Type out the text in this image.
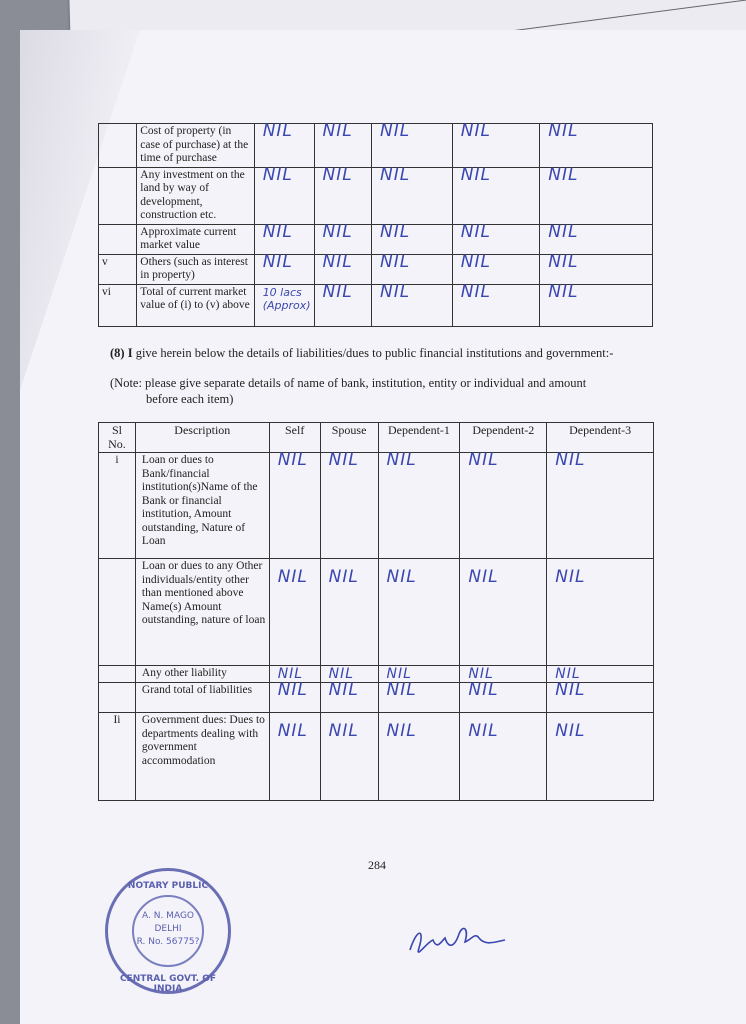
	Cost of property (in case of purchase) at the time of purchase	NIL	NIL	NIL	NIL	NIL
	Any investment on the land by way of development, construction etc.	NIL	NIL	NIL	NIL	NIL
	Approximate current market value	NIL	NIL	NIL	NIL	NIL
v	Others (such as interest in property)	NIL	NIL	NIL	NIL	NIL
vi	Total of current market value of (i) to (v) above	10 lacs (Approx)	NIL	NIL	NIL	NIL
(8) I give herein below the details of liabilities/dues to public financial institutions and government:-
(Note: please give separate details of name of bank, institution, entity or individual and amount
before each item)
Sl No.	Description	Self	Spouse	Dependent-1	Dependent-2	Dependent-3
i	Loan or dues to Bank/financial institution(s)Name of the Bank or financial institution, Amount outstanding, Nature of Loan	NIL	NIL	NIL	NIL	NIL
	Loan or dues to any Other individuals/entity other than mentioned above Name(s) Amount outstanding, nature of loan	NIL	NIL	NIL	NIL	NIL
	Any other liability	NIL	NIL	NIL	NIL	NIL
	Grand total of liabilities	NIL	NIL	NIL	NIL	NIL
Ii	Government dues: Dues to departments dealing with government accommodation	NIL	NIL	NIL	NIL	NIL
284
NOTARY PUBLIC
A. N. MAGO
DELHI
R. No. 56775?
CENTRAL GOVT. OF INDIA
